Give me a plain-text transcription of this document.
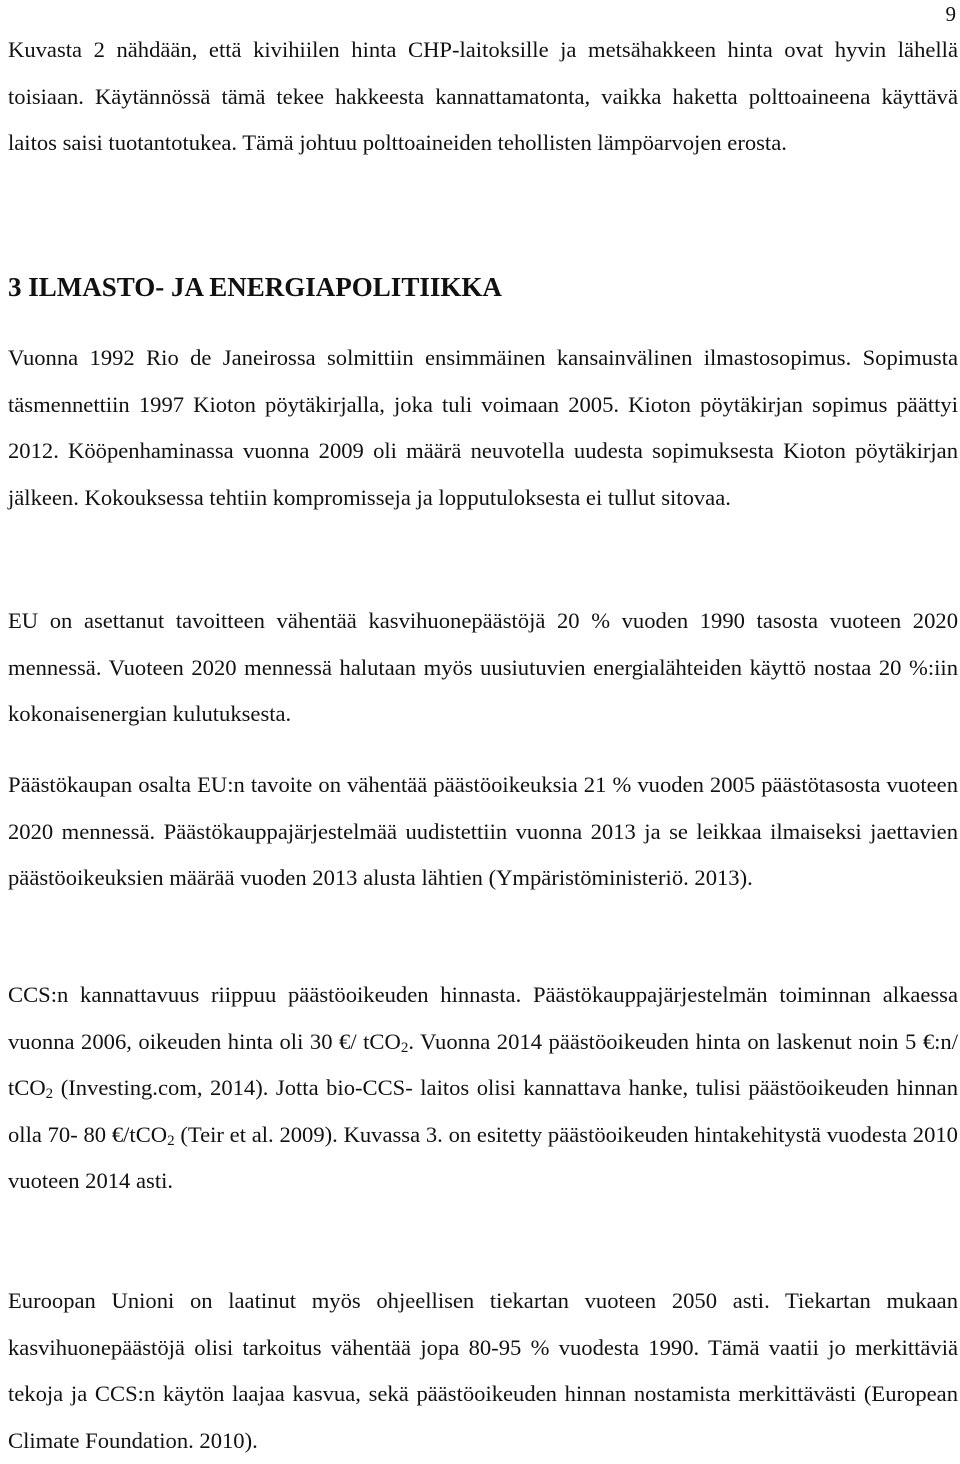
9

Kuvasta 2 nähdään, että kivihiilen hinta CHP-laitoksille ja metsähakkeen hinta ovat hyvin lähellä toisiaan. Käytännössä tämä tekee hakkeesta kannattamatonta, vaikka haketta polttoaineena käyttävä laitos saisi tuotantotukea. Tämä johtuu polttoaineiden tehollisten lämpöarvojen erosta.

3 ILMASTO- JA ENERGIAPOLITIIKKA

Vuonna 1992 Rio de Janeirossa solmittiin ensimmäinen kansainvälinen ilmastosopimus. Sopimusta täsmennettiin 1997 Kioton pöytäkirjalla, joka tuli voimaan 2005. Kioton pöytäkirjan sopimus päättyi 2012. Kööpenhaminassa vuonna 2009 oli määrä neuvotella uudesta sopimuksesta Kioton pöytäkirjan jälkeen. Kokouksessa tehtiin kompromisseja ja lopputuloksesta ei tullut sitovaa.

EU on asettanut tavoitteen vähentää kasvihuonepäästöjä 20 % vuoden 1990 tasosta vuoteen 2020 mennessä. Vuoteen 2020 mennessä halutaan myös uusiutuvien energialähteiden käyttö nostaa 20 %:iin kokonaisenergian kulutuksesta.

Päästökaupan osalta EU:n tavoite on vähentää päästöoikeuksia 21 % vuoden 2005 päästötasosta vuoteen 2020 mennessä. Päästökauppajärjestelmää uudistettiin vuonna 2013 ja se leikkaa ilmaiseksi jaettavien päästöoikeuksien määrää vuoden 2013 alusta lähtien (Ympäristöministeriö. 2013).

CCS:n kannattavuus riippuu päästöoikeuden hinnasta. Päästökauppajärjestelmän toiminnan alkaessa vuonna 2006, oikeuden hinta oli 30 €/ tCO$_2$. Vuonna 2014 päästöoikeuden hinta on laskenut noin 5 €:n/ tCO$_2$ (Investing.com, 2014). Jotta bio-CCS- laitos olisi kannattava hanke, tulisi päästöoikeuden hinnan olla 70- 80 €/tCO$_2$ (Teir et al. 2009). Kuvassa 3. on esitetty päästöoikeuden hintakehitystä vuodesta 2010 vuoteen 2014 asti.

Euroopan Unioni on laatinut myös ohjeellisen tiekartan vuoteen 2050 asti. Tiekartan mukaan kasvihuonepäästöjä olisi tarkoitus vähentää jopa 80-95 % vuodesta 1990. Tämä vaatii jo merkittäviä tekoja ja CCS:n käytön laajaa kasvua, sekä päästöoikeuden hinnan nostamista merkittävästi (European Climate Foundation. 2010).
